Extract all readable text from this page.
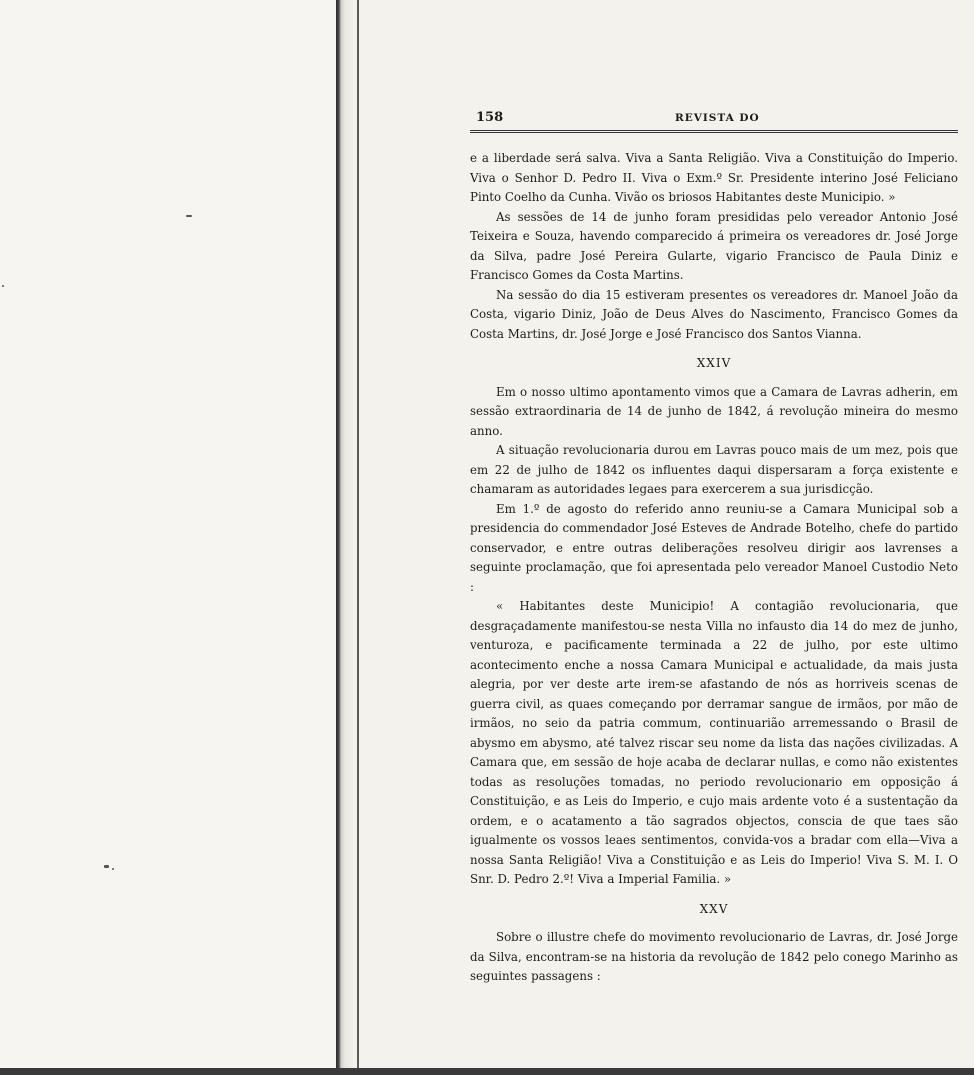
158	REVISTA DO

e a liberdade será salva. Viva a Santa Religião. Viva a Constituição do Imperio. Viva o Senhor D. Pedro II. Viva o Exm.º Sr. Presidente interino José Feliciano Pinto Coelho da Cunha. Vivão os briosos Habitantes deste Municipio. »

As sessões de 14 de junho foram presididas pelo vereador Antonio José Teixeira e Souza, havendo comparecido á primeira os vereadores dr. José Jorge da Silva, padre José Pereira Gularte, vigario Francisco de Paula Diniz e Francisco Gomes da Costa Martins.

Na sessão do dia 15 estiveram presentes os vereadores dr. Manoel João da Costa, vigario Diniz, João de Deus Alves do Nascimento, Francisco Gomes da Costa Martins, dr. José Jorge e José Francisco dos Santos Vianna.

XXIV

Em o nosso ultimo apontamento vimos que a Camara de Lavras adherin, em sessão extraordinaria de 14 de junho de 1842, á revolução mineira do mesmo anno.

A situação revolucionaria durou em Lavras pouco mais de um mez, pois que em 22 de julho de 1842 os influentes daqui dispersaram a força existente e chamaram as autoridades legaes para exercerem a sua jurisdicção.

Em 1.º de agosto do referido anno reuniu-se a Camara Municipal sob a presidencia do commendador José Esteves de Andrade Botelho, chefe do partido conservador, e entre outras deliberações resolveu dirigir aos lavrenses a seguinte proclamação, que foi apresentada pelo vereador Manoel Custodio Neto :

« Habitantes deste Municipio! A contagião revolucionaria, que desgraçadamente manifestou-se nesta Villa no infausto dia 14 do mez de junho, venturoza, e pacificamente terminada a 22 de julho, por este ultimo acontecimento enche a nossa Camara Municipal e actualidade, da mais justa alegria, por ver deste arte irem-se afastando de nós as horriveis scenas de guerra civil, as quaes começando por derramar sangue de irmãos, por mão de irmãos, no seio da patria commum, continuarião arremessando o Brasil de abysmo em abysmo, até talvez riscar seu nome da lista das nações civilizadas. A Camara que, em sessão de hoje acaba de declarar nullas, e como não existentes todas as resoluções tomadas, no periodo revolucionario em opposição á Constituição, e as Leis do Imperio, e cujo mais ardente voto é a sustentação da ordem, e o acatamento a tão sagrados objectos, consciа de que taes são igualmente os vossos leaes sentimentos, convida-vos a bradar com ella—Viva a nossa Santa Religião! Viva a Constituição e as Leis do Imperio! Viva S. M. I. O Snr. D. Pedro 2.º! Viva a Imperial Familia. »

XXV

Sobre o illustre chefe do movimento revolucionario de Lavras, dr. José Jorge da Silva, encontram-se na historia da revolução de 1842 pelo conego Marinho as seguintes passagens :
